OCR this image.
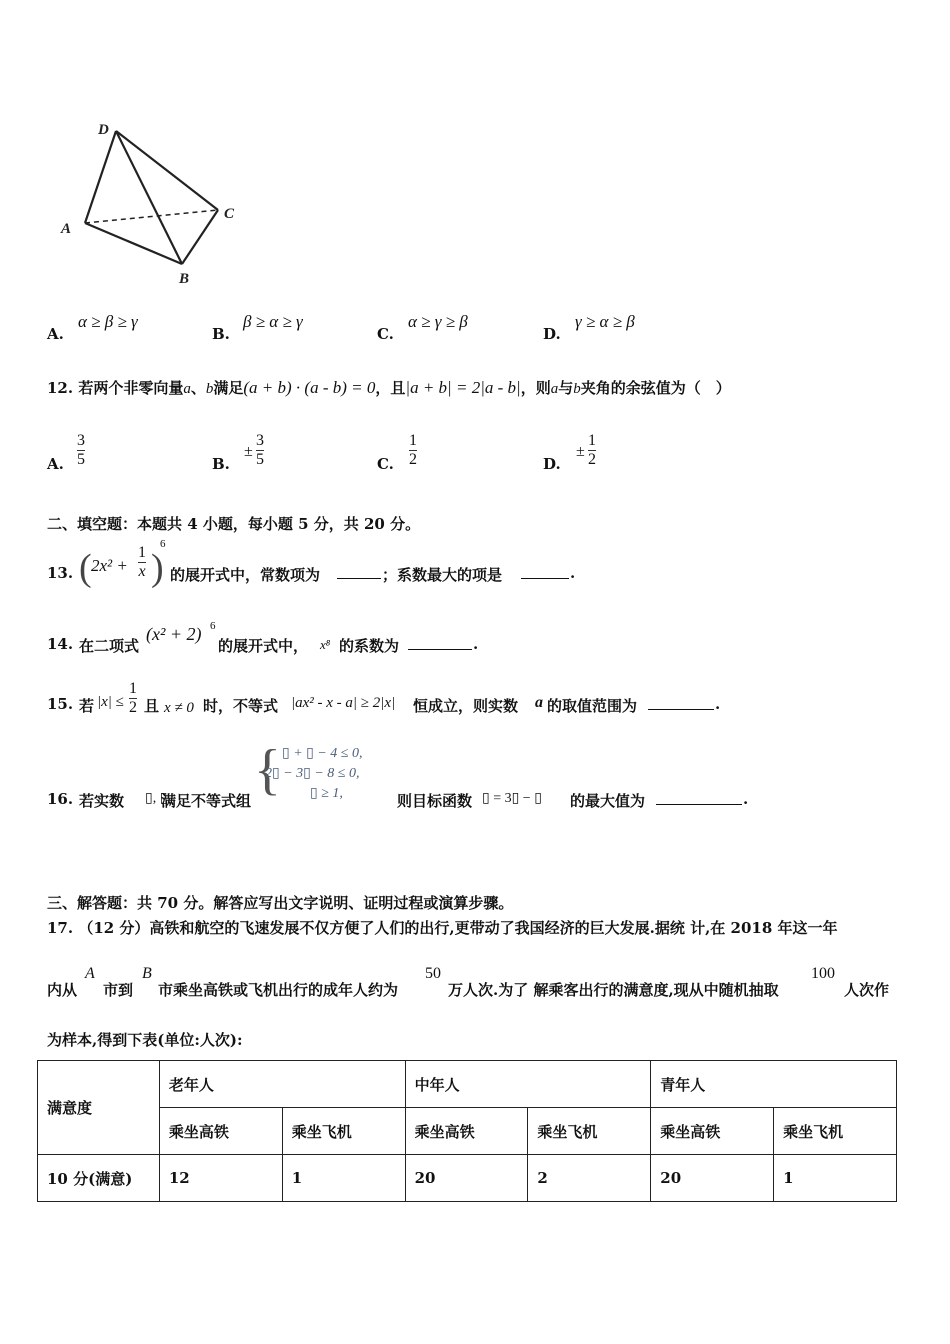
D
A
C
B
A.
α ≥ β ≥ γ
B.
β ≥ α ≥ γ
C.
α ≥ γ ≥ β
D.
γ ≥ α ≥ β
12. 若两个非零向量a、b满足(a + b) · (a - b) = 0，且|a + b| = 2|a - b|，则a与b夹角的余弦值为（　）
A.
3
5	B.
±
3
5	C.
1
2	D.
±
1
2
二、填空题：本题共 4 小题，每小题 5 分，共 20 分。
13. ( 2x² +
1
x )
6
的展开式中，常数项为	；系数最大的项是	.
14. 在二项式
(x² + 2) 6
的展开式中， x⁸ 的系数为	.
15. 若 |x| ≤
1
2 且 x ≠ 0 时，不等式 |ax² - x - a| ≥ 2|x| 恒成立，则实数 a 的取值范围为	.
16. 若实数 ▯, ▯
满足不等式组 { ▯ + ▯ − 4 ≤ 0,
2▯ − 3▯ − 8 ≤ 0,
▯ ≥ 1,	则目标函数 ▯ = 3▯ − ▯ 的最大值为	.
三、解答题：共 70 分。解答应写出文字说明、证明过程或演算步骤。
17. （12 分）高铁和航空的飞速发展不仅方便了人们的出行,更带动了我国经济的巨大发展.据统 计,在 2018 年这一年
内从
A
市到
B
市乘坐高铁或飞机出行的成年人约为
50
万人次.为了 解乘客出行的满意度,现从中随机抽取
100
人次作
为样本,得到下表(单位:人次):
满意度	老年人		中年人		青年人	
	乘坐高铁	乘坐飞机	乘坐高铁	乘坐飞机	乘坐高铁	乘坐飞机
10 分(满意)	12	1	20	2	20	1
